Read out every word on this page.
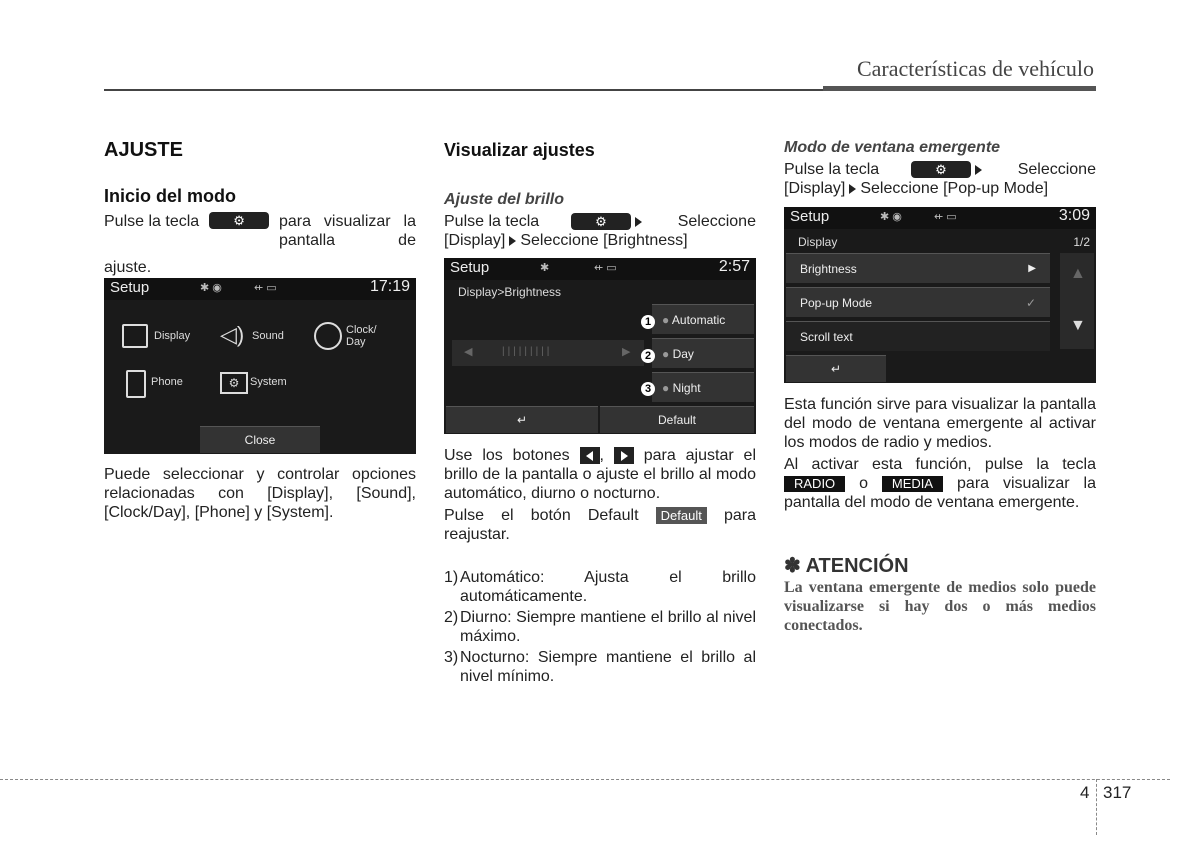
Características de vehículo
AJUSTE
Inicio del modo
Pulse la tecla	⚙	para visualizar la pantalla de
ajuste.
Setup	✱ ◉	⇷ ▭	17:19
Display ◁) Sound	Clock/
Day
Phone	⚙ System
Close
Puede seleccionar y controlar opciones relacionadas con [Display], [Sound], [Clock/Day], [Phone] y [System].
Visualizar ajustes
Ajuste del brillo
Pulse la tecla	⚙	Seleccione
[Display] Seleccione [Brightness]
Setup	✱	⇷ ▭	2:57
Display>Brightness
◀	|||||||||	▶
● Automatic
● Day
● Night
1
2
3
↵	Default

Use los botones , para ajustar el brillo de la pantalla o ajuste el brillo al modo automático, diurno o nocturno.

Pulse el botón Default Default para reajustar.

1) Automático: Ajusta el brillo automáticamente.
2) Diurno: Siempre mantiene el brillo al nivel máximo.
3) Nocturno: Siempre mantiene el brillo al nivel mínimo.
Modo de ventana emergente
Pulse la tecla	⚙	Seleccione
[Display] Seleccione [Pop-up Mode]
Setup	✱ ◉	⇷ ▭	3:09
Display	1/2
Brightness	▶
Pop-up Mode	✓
Scroll text
▲
▼
↵

Esta función sirve para visualizar la pantalla del modo de ventana emergente al activar los modos de radio y medios.

Al activar esta función, pulse la tecla RADIO o MEDIA para visualizar la pantalla del modo de ventana emergente.

✽ ATENCIÓN
La ventana emergente de medios solo puede visualizarse si hay dos o más medios conectados.
4 317
